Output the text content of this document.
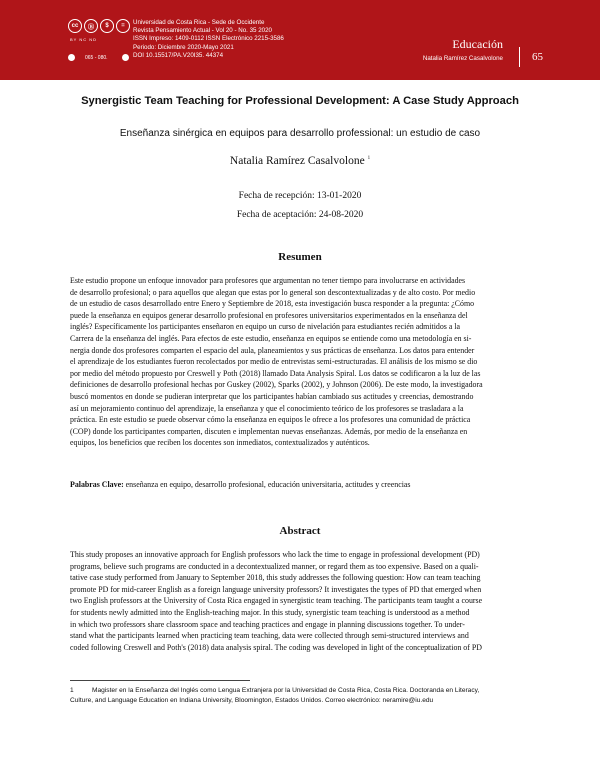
cc	Ⓑ	$	=
BY NC ND
065 - 080.
Universidad de Costa Rica - Sede de Occidente
Revista Pensamiento Actual - Vol 20 - No. 35 2020
ISSN Impreso: 1409-0112 ISSN Electrónico 2215-3586
Periodo: Diciembre 2020-Mayo 2021
DOI 10.15517/PA.V20I35. 44374
Educación
Natalia Ramírez Casalvolone	65
Synergistic Team Teaching for Professional Development: A Case Study Approach
Enseñanza sinérgica en equipos para desarrollo professional: un estudio de caso
Natalia Ramírez Casalvolone $^1$
Fecha de recepción: 13-01-2020
Fecha de aceptación: 24-08-2020
Resumen
Este estudio propone un enfoque innovador para profesores que argumentan no tener tiempo para involucrarse en actividades
de desarrollo profesional; o para aquellos que alegan que estas por lo general son descontextualizadas y de alto costo. Por medio
de un estudio de casos desarrollado entre Enero y Septiembre de 2018, esta investigación busca responder a la pregunta: ¿Cómo
puede la enseñanza en equipos generar desarrollo profesional en profesores universitarios experimentados en la enseñanza del
inglés? Específicamente los participantes enseñaron en equipo un curso de nivelación para estudiantes recién admitidos a la
Carrera de la enseñanza del inglés. Para efectos de este estudio, enseñanza en equipos se entiende como una metodología en si-
nergia donde dos profesores comparten el espacio del aula, planeamientos y sus prácticas de enseñanza. Los datos para entender
el aprendizaje de los estudiantes fueron recolectados por medio de entrevistas semi-estructuradas. El análisis de los mismo se dio
por medio del método propuesto por Creswell y Poth (2018) llamado Data Analysis Spiral. Los datos se codificaron a la luz de las
definiciones de desarrollo profesional hechas por Guskey (2002), Sparks (2002), y Johnson (2006). De este modo, la investigadora
buscó momentos en donde se pudieran interpretar que los participantes habían cambiado sus actitudes y creencias, demostrando
así un mejoramiento continuo del aprendizaje, la enseñanza y que el conocimiento teórico de los profesores se trasladara a la
práctica. En este estudio se puede observar cómo la enseñanza en equipos le ofrece a los profesores una comunidad de práctica
(COP) donde los participantes comparten, discuten e implementan nuevas enseñanzas. Además, por medio de la enseñanza en
equipos, los beneficios que reciben los docentes son inmediatos, contextualizados y auténticos.
Palabras Clave: enseñanza en equipo, desarrollo profesional, educación universitaria, actitudes y creencias
Abstract
This study proposes an innovative approach for English professors who lack the time to engage in professional development (PD)
programs, believe such programs are conducted in a decontextualized manner, or regard them as too expensive. Based on a quali-
tative case study performed from January to September 2018, this study addresses the following question: How can team teaching
promote PD for mid-career English as a foreign language university professors? It investigates the types of PD that emerged when
two English professors at the University of Costa Rica engaged in synergistic team teaching. The participants team taught a course
for students newly admitted into the English-teaching major. In this study, synergistic team teaching is understood as a method
in which two professors share classroom space and teaching practices and engage in planning discussions together. To under-
stand what the participants learned when practicing team teaching, data were collected through semi-structured interviews and
coded following Creswell and Poth's (2018) data analysis spiral. The coding was developed in light of the conceptualization of PD
1	Magister en la Enseñanza del Inglés como Lengua Extranjera por la Universidad de Costa Rica, Costa Rica. Doctoranda en Literacy,
Culture, and Language Education en Indiana University, Bloomington, Estados Unidos. Correo electrónico: neramire@iu.edu
